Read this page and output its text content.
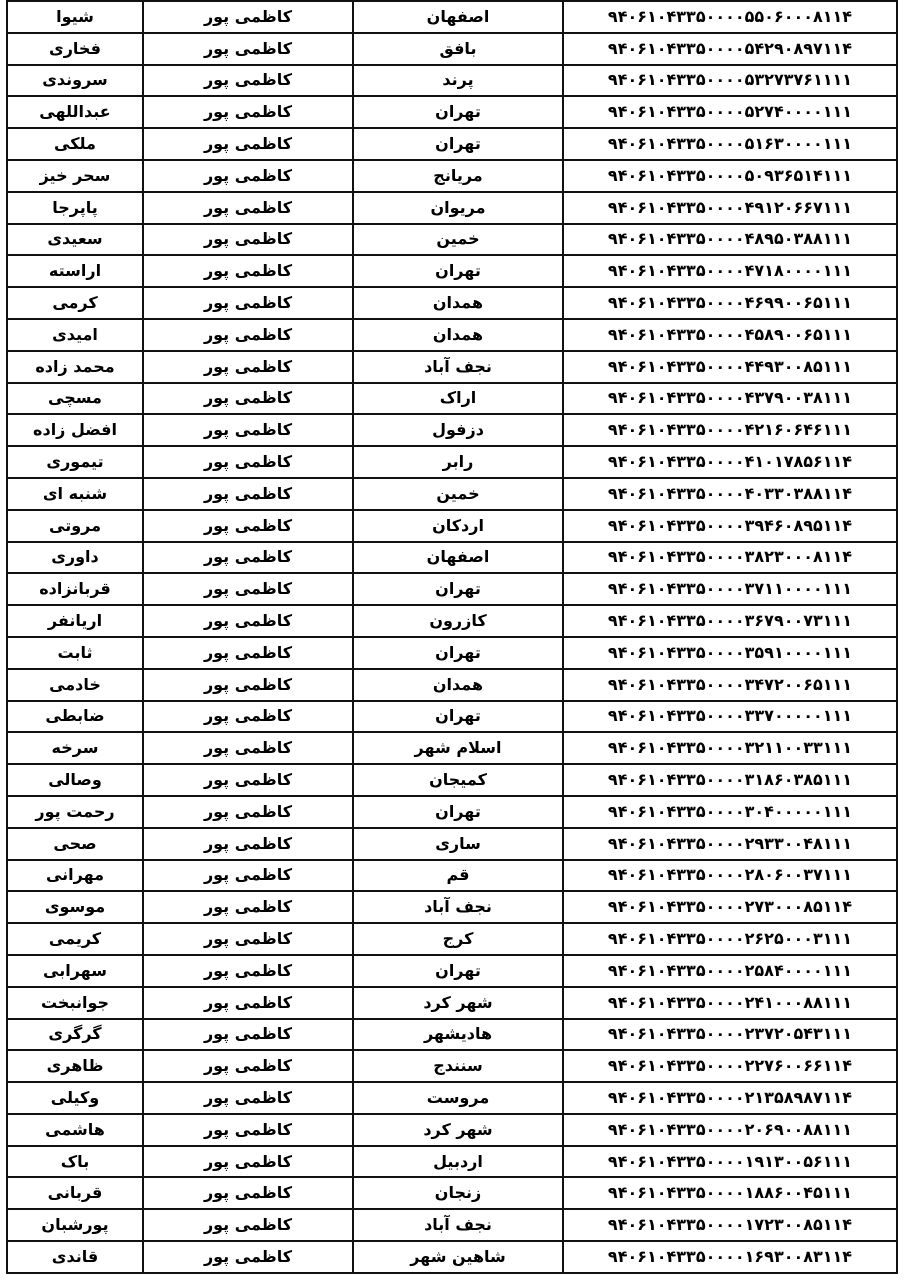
۹۴۰۶۱۰۴۳۳۵۰۰۰۰۵۵۰۶۰۰۰۸۱۱۴	اصفهان	کاظمی پور	شیوا
۹۴۰۶۱۰۴۳۳۵۰۰۰۰۵۴۲۹۰۸۹۷۱۱۴	بافق	کاظمی پور	فخاری
۹۴۰۶۱۰۴۳۳۵۰۰۰۰۵۳۲۷۳۷۶۱۱۱۱	پرند	کاظمی پور	سروندی
۹۴۰۶۱۰۴۳۳۵۰۰۰۰۵۲۷۴۰۰۰۰۱۱۱	تهران	کاظمی پور	عبداللهی
۹۴۰۶۱۰۴۳۳۵۰۰۰۰۵۱۶۳۰۰۰۰۱۱۱	تهران	کاظمی پور	ملکی
۹۴۰۶۱۰۴۳۳۵۰۰۰۰۵۰۹۳۶۵۱۴۱۱۱	مریانج	کاظمی پور	سحر خیز
۹۴۰۶۱۰۴۳۳۵۰۰۰۰۴۹۱۲۰۶۶۷۱۱۱	مریوان	کاظمی پور	پاپرجا
۹۴۰۶۱۰۴۳۳۵۰۰۰۰۴۸۹۵۰۳۸۸۱۱۱	خمین	کاظمی پور	سعیدی
۹۴۰۶۱۰۴۳۳۵۰۰۰۰۴۷۱۸۰۰۰۰۱۱۱	تهران	کاظمی پور	اراسته
۹۴۰۶۱۰۴۳۳۵۰۰۰۰۴۶۹۹۰۰۶۵۱۱۱	همدان	کاظمی پور	کرمی
۹۴۰۶۱۰۴۳۳۵۰۰۰۰۴۵۸۹۰۰۶۵۱۱۱	همدان	کاظمی پور	امیدی
۹۴۰۶۱۰۴۳۳۵۰۰۰۰۴۴۹۳۰۰۸۵۱۱۱	نجف آباد	کاظمی پور	محمد زاده
۹۴۰۶۱۰۴۳۳۵۰۰۰۰۴۳۷۹۰۰۳۸۱۱۱	اراک	کاظمی پور	مسچی
۹۴۰۶۱۰۴۳۳۵۰۰۰۰۴۲۱۶۰۶۴۶۱۱۱	دزفول	کاظمی پور	افضل زاده
۹۴۰۶۱۰۴۳۳۵۰۰۰۰۴۱۰۱۷۸۵۶۱۱۴	رابر	کاظمی پور	تیموری
۹۴۰۶۱۰۴۳۳۵۰۰۰۰۴۰۳۳۰۳۸۸۱۱۴	خمین	کاظمی پور	شنبه ای
۹۴۰۶۱۰۴۳۳۵۰۰۰۰۳۹۴۶۰۸۹۵۱۱۴	اردکان	کاظمی پور	مروتی
۹۴۰۶۱۰۴۳۳۵۰۰۰۰۳۸۲۳۰۰۰۸۱۱۴	اصفهان	کاظمی پور	داوری
۹۴۰۶۱۰۴۳۳۵۰۰۰۰۳۷۱۱۰۰۰۰۱۱۱	تهران	کاظمی پور	قربانزاده
۹۴۰۶۱۰۴۳۳۵۰۰۰۰۳۶۷۹۰۰۷۳۱۱۱	کازرون	کاظمی پور	اریانفر
۹۴۰۶۱۰۴۳۳۵۰۰۰۰۳۵۹۱۰۰۰۰۱۱۱	تهران	کاظمی پور	ثابت
۹۴۰۶۱۰۴۳۳۵۰۰۰۰۳۴۷۲۰۰۶۵۱۱۱	همدان	کاظمی پور	خادمی
۹۴۰۶۱۰۴۳۳۵۰۰۰۰۳۳۷۰۰۰۰۰۱۱۱	تهران	کاظمی پور	ضابطی
۹۴۰۶۱۰۴۳۳۵۰۰۰۰۳۲۱۱۰۰۳۳۱۱۱	اسلام شهر	کاظمی پور	سرخه
۹۴۰۶۱۰۴۳۳۵۰۰۰۰۳۱۸۶۰۳۸۵۱۱۱	کمیجان	کاظمی پور	وصالی
۹۴۰۶۱۰۴۳۳۵۰۰۰۰۳۰۴۰۰۰۰۰۱۱۱	تهران	کاظمی پور	رحمت پور
۹۴۰۶۱۰۴۳۳۵۰۰۰۰۲۹۳۳۰۰۴۸۱۱۱	ساری	کاظمی پور	صحی
۹۴۰۶۱۰۴۳۳۵۰۰۰۰۲۸۰۶۰۰۳۷۱۱۱	قم	کاظمی پور	مهرانی
۹۴۰۶۱۰۴۳۳۵۰۰۰۰۲۷۳۰۰۰۸۵۱۱۴	نجف آباد	کاظمی پور	موسوی
۹۴۰۶۱۰۴۳۳۵۰۰۰۰۲۶۲۵۰۰۰۳۱۱۱	کرج	کاظمی پور	کریمی
۹۴۰۶۱۰۴۳۳۵۰۰۰۰۲۵۸۴۰۰۰۰۱۱۱	تهران	کاظمی پور	سهرابی
۹۴۰۶۱۰۴۳۳۵۰۰۰۰۲۴۱۰۰۰۸۸۱۱۱	شهر کرد	کاظمی پور	جوانبخت
۹۴۰۶۱۰۴۳۳۵۰۰۰۰۲۳۷۲۰۵۴۳۱۱۱	هادیشهر	کاظمی پور	گرگری
۹۴۰۶۱۰۴۳۳۵۰۰۰۰۲۲۷۶۰۰۶۶۱۱۴	سنندج	کاظمی پور	ظاهری
۹۴۰۶۱۰۴۳۳۵۰۰۰۰۲۱۳۵۸۹۸۷۱۱۴	مروست	کاظمی پور	وکیلی
۹۴۰۶۱۰۴۳۳۵۰۰۰۰۲۰۶۹۰۰۸۸۱۱۱	شهر کرد	کاظمی پور	هاشمی
۹۴۰۶۱۰۴۳۳۵۰۰۰۰۱۹۱۳۰۰۵۶۱۱۱	اردبیل	کاظمی پور	باک
۹۴۰۶۱۰۴۳۳۵۰۰۰۰۱۸۸۶۰۰۴۵۱۱۱	زنجان	کاظمی پور	قربانی
۹۴۰۶۱۰۴۳۳۵۰۰۰۰۱۷۲۳۰۰۸۵۱۱۴	نجف آباد	کاظمی پور	پورشبان
۹۴۰۶۱۰۴۳۳۵۰۰۰۰۱۶۹۳۰۰۸۳۱۱۴	شاهین شهر	کاظمی پور	قاندی
